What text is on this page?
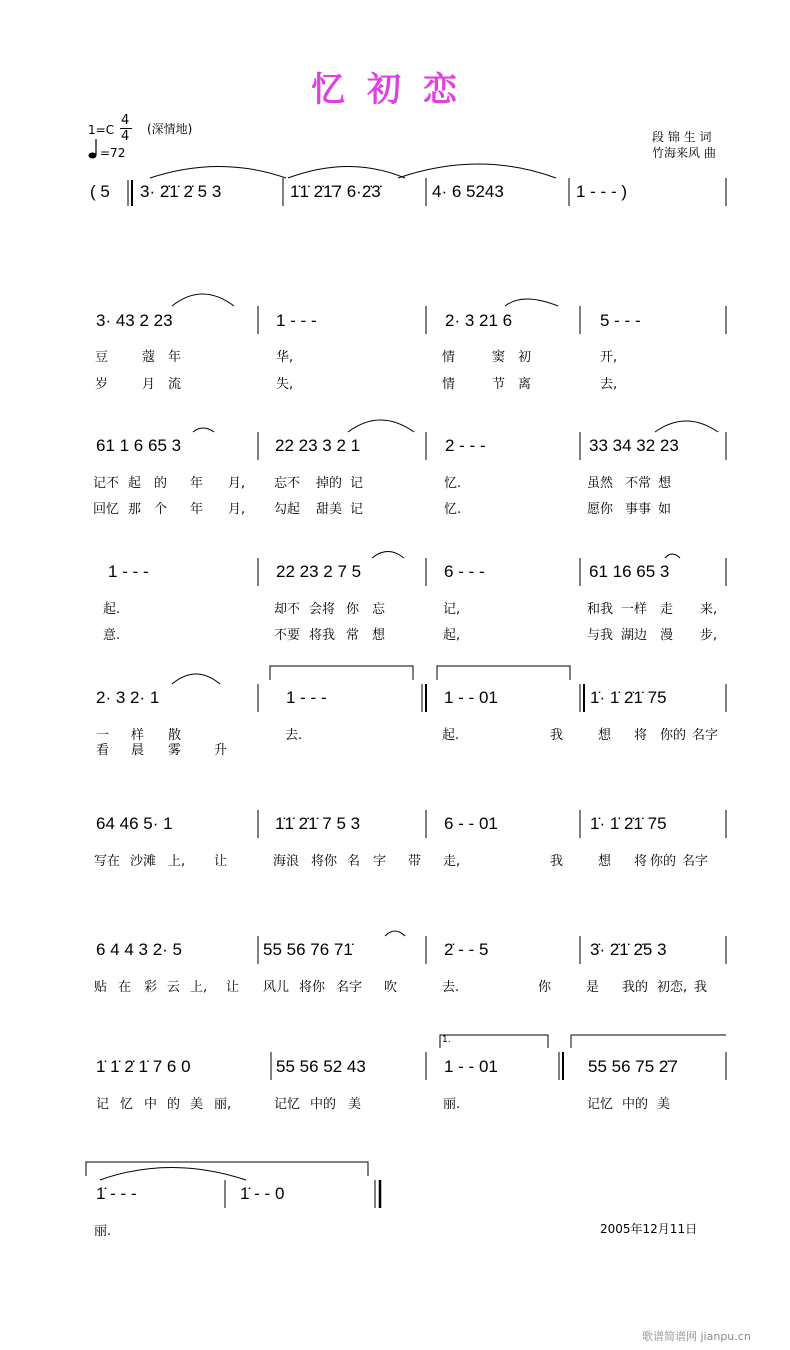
忆初恋
1=C
4
4 (深情地)
=72
段 锦 生 词
竹海来风 曲
( 5 3· 2̇1̇ 2̇ 5 3	1̇1̇ 2̇1̇7 6·2̇3̇	4· 6 5243	1 - - - )
3· 43 2 23	1 - - -	2· 3 21 6	5 - - -
豆	蔻 年	华,	情	窦 初	开,
岁	月 流	失,	情	节 离	去,
61 1 6 65 3	22 23 3 2 1	2 - - -	33 34 32 23
记不 起 的 年 月, 忘不 掉的 记	忆.	虽然 不常 想
回忆 那 个 年 月, 勾起 甜美 记	忆.	愿你 事事 如
1 - - -	22 23 2 7 5	6 - - -	61 16 65 3
起.	却不 会将 你 忘	记,	和我 一样 走 来,
意.	不要 将我 常 想	起,	与我 湖边 漫 步,
2· 3 2· 1	1 - - -	1 - - 01	1̇· 1̇ 2̇1̇ 75
一 样 散	去.	起.	我	想 将 你的 名字
看 晨 雾	升
64 46 5· 1	1̇1̇ 2̇1̇ 7 5 3	6 - - 01	1̇· 1̇ 2̇1̇ 75
写在 沙滩 上, 让	海浪 将你 名 字 带 走,	我	想 将 你的 名字
6 4 4 3 2· 5	55 56 76 71̇	2̇ - - 5	3̇· 2̇1̇ 2̇5 3
贴 在 彩 云 上, 让 风儿 将你 名字 吹	去.	你	是 我的 初恋, 我
1̇ 1̇ 2̇ 1̇ 7 6 0	55 56 52 43	1 - - 01	55 56 75 2̇7
记 忆 中 的 美 丽,	记忆 中的 美	丽.	记忆 中的 美
1.
1̇ - - -	1̇ - - 0
丽.	2005年12月11日
歌谱简谱网 jianpu.cn
